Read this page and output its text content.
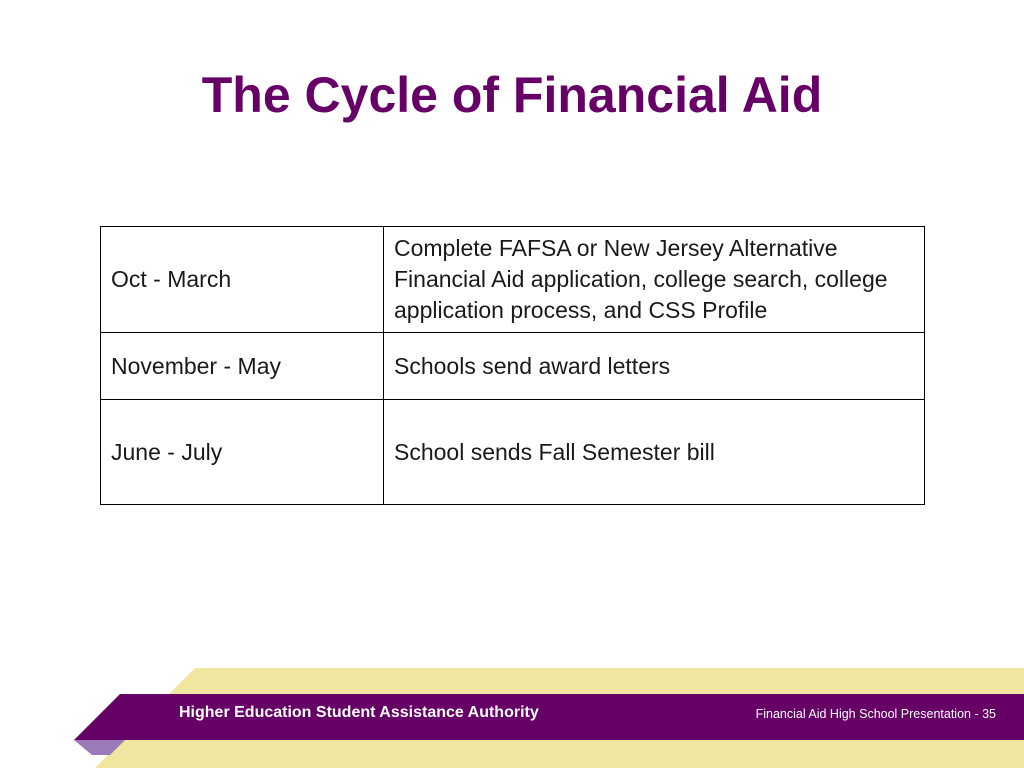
The Cycle of Financial Aid
Oct - March	Complete FAFSA or New Jersey Alternative Financial Aid application, college search, college application process, and CSS Profile
November - May	Schools send award letters
June - July	School sends Fall Semester bill
Higher Education Student Assistance Authority	Financial Aid High School Presentation - 35
